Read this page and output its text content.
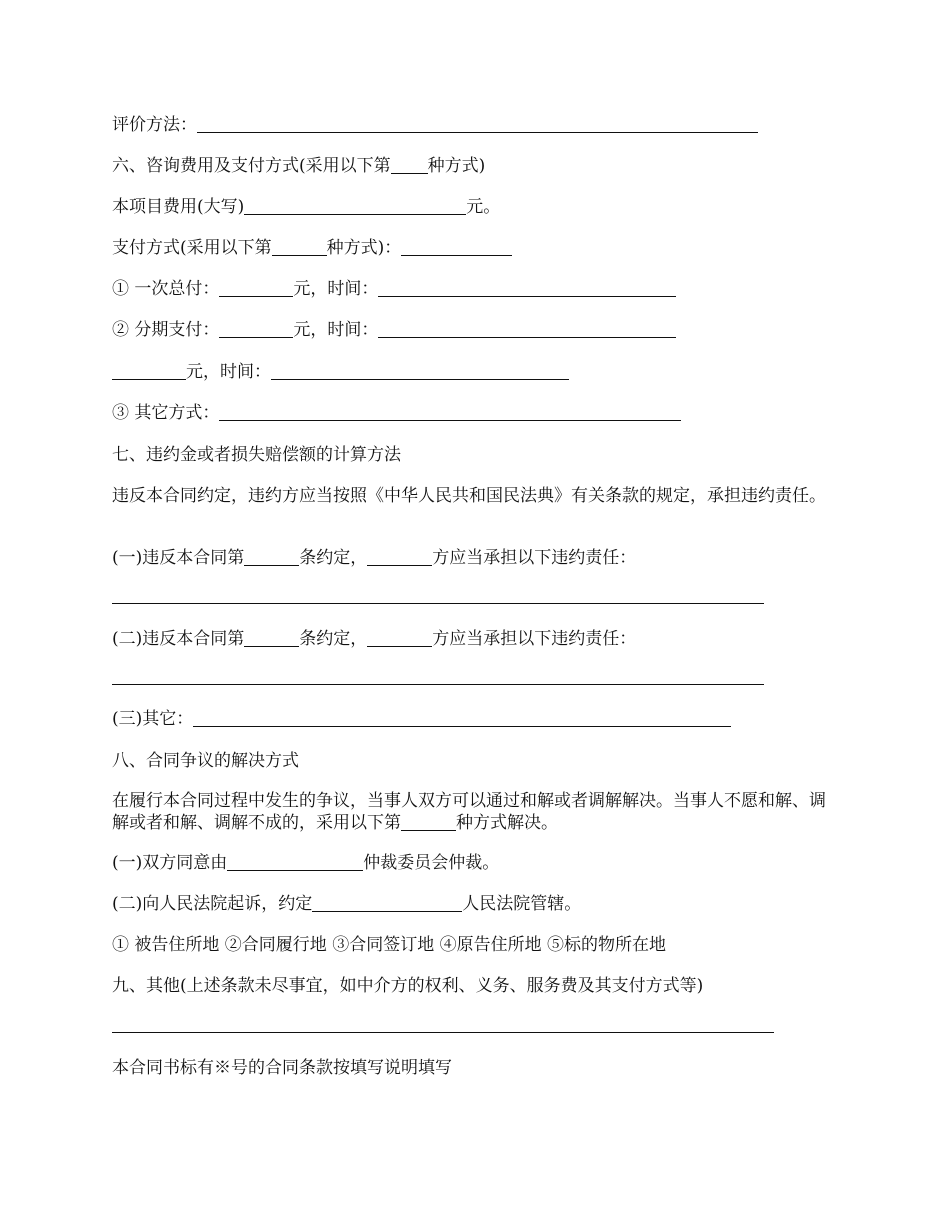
评价方法：
六、咨询费用及支付方式(采用以下第 种方式)
本项目费用(大写)	元。
支付方式(采用以下第	种方式)：
① 一次总付：	元，时间：
② 分期支付：	元，时间：
元，时间：
③ 其它方式：
七、违约金或者损失赔偿额的计算方法
违反本合同约定，违约方应当按照《中华人民共和国民法典》有关条款的规定，承担违约责任。
(一)违反本合同第	条约定，	方应当承担以下违约责任：
(二)违反本合同第	条约定，	方应当承担以下违约责任：
(三)其它：
八、合同争议的解决方式
在履行本合同过程中发生的争议，当事人双方可以通过和解或者调解解决。当事人不愿和解、调解或者和解、调解不成的，采用以下第	种方式解决。
(一)双方同意由	仲裁委员会仲裁。
(二)向人民法院起诉，约定	人民法院管辖。
① 被告住所地 ②合同履行地 ③合同签订地 ④原告住所地 ⑤标的物所在地
九、其他(上述条款未尽事宜，如中介方的权利、义务、服务费及其支付方式等)
本合同书标有※号的合同条款按填写说明填写
